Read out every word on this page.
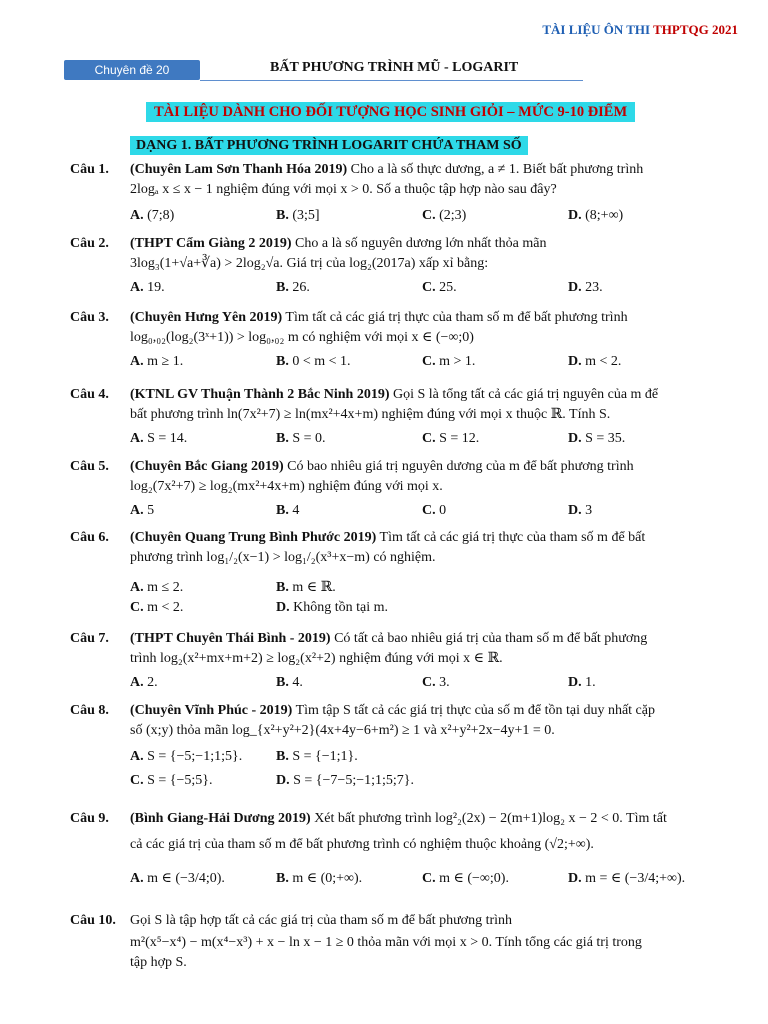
TÀI LIỆU ÔN THI THPTQG 2021
Chuyên đề 20	BẤT PHƯƠNG TRÌNH MŨ - LOGARIT
TÀI LIỆU DÀNH CHO ĐỐI TƯỢNG HỌC SINH GIỎI – MỨC 9-10 ĐIỂM
DẠNG 1. BẤT PHƯƠNG TRÌNH LOGARIT CHỨA THAM SỐ
Câu 1. (Chuyên Lam Sơn Thanh Hóa 2019) Cho a là số thực dương, a ≠ 1. Biết bất phương trình
2logₐ x ≤ x − 1 nghiệm đúng với mọi x > 0. Số a thuộc tập hợp nào sau đây?
A. (7;8)	B. (3;5]	C. (2;3)	D. (8;+∞)
Câu 2. (THPT Cẩm Giàng 2 2019) Cho a là số nguyên dương lớn nhất thỏa mãn
3log₃(1+√a+∛a) > 2log₂√a. Giá trị của log₂(2017a) xấp xỉ bằng:
A. 19.	B. 26.	C. 25.	D. 23.
Câu 3. (Chuyên Hưng Yên 2019) Tìm tất cả các giá trị thực của tham số m để bất phương trình
log₀,₀₂(log₂(3ˣ+1)) > log₀,₀₂ m có nghiệm với mọi x ∈ (−∞;0)
A. m ≥ 1.	B. 0 < m < 1.	C. m > 1.	D. m < 2.
Câu 4. (KTNL GV Thuận Thành 2 Bắc Ninh 2019) Gọi S là tổng tất cả các giá trị nguyên của m để
bất phương trình ln(7x²+7) ≥ ln(mx²+4x+m) nghiệm đúng với mọi x thuộc ℝ. Tính S.
A. S = 14.	B. S = 0.	C. S = 12.	D. S = 35.
Câu 5. (Chuyên Bắc Giang 2019) Có bao nhiêu giá trị nguyên dương của m để bất phương trình
log₂(7x²+7) ≥ log₂(mx²+4x+m) nghiệm đúng với mọi x.
A. 5	B. 4	C. 0	D. 3
Câu 6. (Chuyên Quang Trung Bình Phước 2019) Tìm tất cả các giá trị thực của tham số m để bất
phương trình log₁/₂(x−1) > log₁/₂(x³+x−m) có nghiệm.
A. m ≤ 2.	B. m ∈ ℝ.
C. m < 2.	D. Không tồn tại m.
Câu 7. (THPT Chuyên Thái Bình - 2019) Có tất cả bao nhiêu giá trị của tham số m để bất phương
trình log₂(x²+mx+m+2) ≥ log₂(x²+2) nghiệm đúng với mọi x ∈ ℝ.
A. 2.	B. 4.	C. 3.	D. 1.
Câu 8. (Chuyên Vĩnh Phúc - 2019) Tìm tập S tất cả các giá trị thực của số m để tồn tại duy nhất cặp
số (x;y) thỏa mãn log_{x²+y²+2}(4x+4y−6+m²) ≥ 1 và x²+y²+2x−4y+1 = 0.
A. S = {−5;−1;1;5}.	B. S = {−1;1}.
C. S = {−5;5}.	D. S = {−7−5;−1;1;5;7}.
Câu 9. (Bình Giang-Hải Dương 2019) Xét bất phương trình log²₂(2x) − 2(m+1)log₂ x − 2 < 0. Tìm tất
cả các giá trị của tham số m để bất phương trình có nghiệm thuộc khoảng (√2;+∞).
A. m ∈ (−3/4;0).	B. m ∈ (0;+∞).	C. m ∈ (−∞;0).	D. m = ∈ (−3/4;+∞).
Câu 10. Gọi S là tập hợp tất cả các giá trị của tham số m để bất phương trình
m²(x⁵−x⁴) − m(x⁴−x³) + x − ln x − 1 ≥ 0 thỏa mãn với mọi x > 0. Tính tổng các giá trị trong
tập hợp S.
